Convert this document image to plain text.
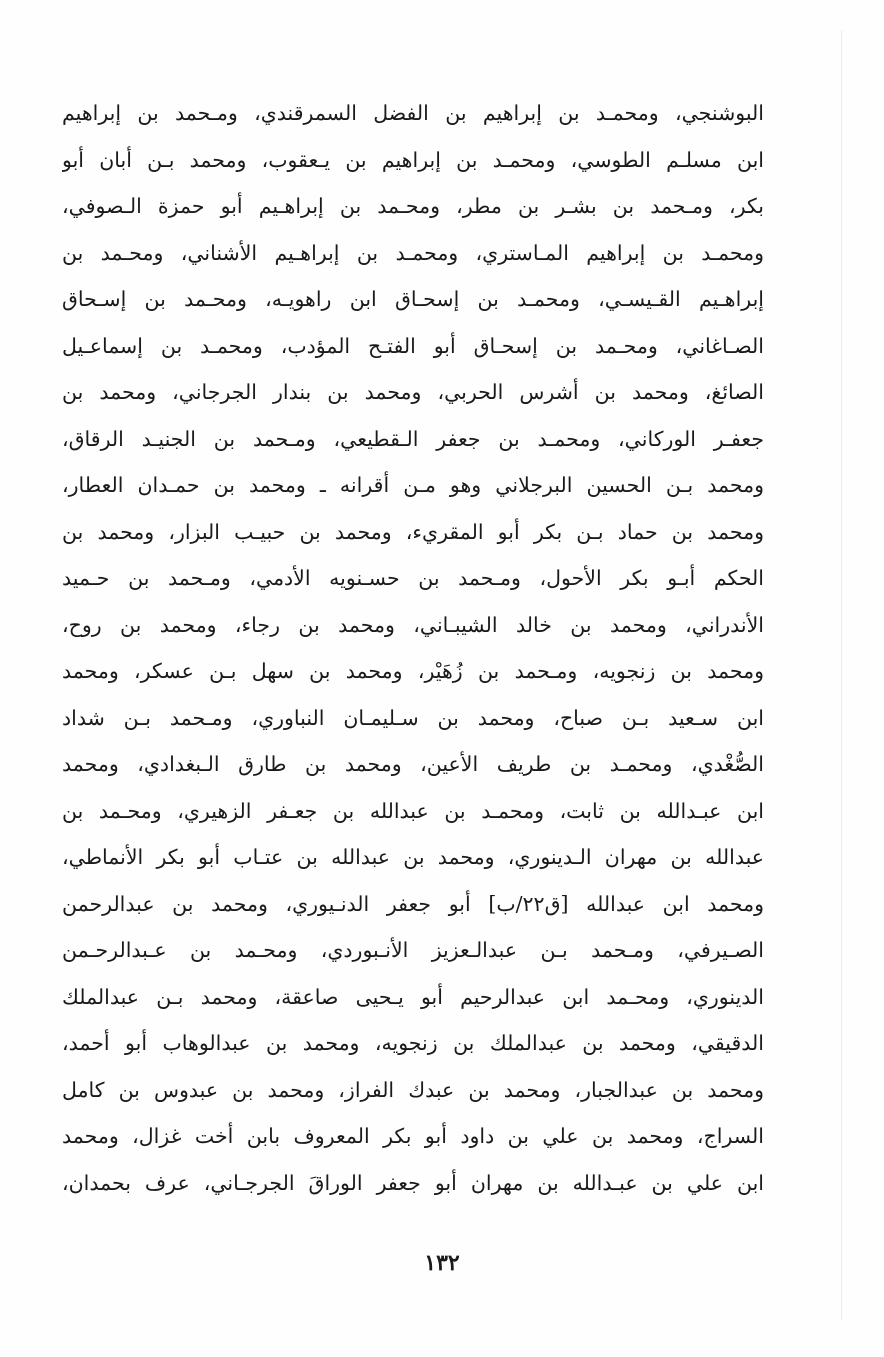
البوشنجي، ومحمـد بن إبراهيم بن الفضل السمرقندي، ومـحمد بن إبراهيم
ابن مسلـم الطوسي، ومحمـد بن إبراهيم بن يـعقوب، ومحمد بـن أبان أبو
بكر، ومـحمد بن بشـر بن مطر، ومحـمد بن إبراهـيم أبو حمزة الـصوفي،
ومحمـد بن إبراهيم المـاستري، ومحمـد بن إبراهـيم الأشناني، ومحـمد بن
إبراهـيم القـيسـي، ومحمـد بن إسحـاق ابن راهويـه، ومحـمد بن إسـحاق
الصـاغاني، ومحـمد بن إسحـاق أبو الفتـح المؤدب، ومحمـد بن إسماعـيل
الصائغ، ومحمد بن أشرس الحربي، ومحمد بن بندار الجرجاني، ومحمد بن
جعفـر الوركاني، ومحمـد بن جعفر الـقطيعي، ومـحمد بن الجنيـد الرقاق،
ومحمد بـن الحسين البرجلاني وهو مـن أقرانه ـ ومحمد بن حمـدان العطار،
ومحمد بن حماد بـن بكر أبو المقريء، ومحمد بن حبيـب البزار، ومحمد بن
الحكم أبـو بكر الأحول، ومـحمد بن حسـنويه الأدمي، ومـحمد بن حـميد
الأندراني، ومحمد بن خالد الشيبـاني، ومحمد بن رجاء، ومحمد بن روح،
ومحمد بن زنجويه، ومـحمد بن زُهَيْر، ومحمد بن سهل بـن عسكر، ومحمد
ابن سـعيد بـن صباح، ومحمد بن سـليمـان النباوري، ومـحمد بـن شداد
الصُّغْدي، ومحمـد بن طريف الأعين، ومحمد بن طارق الـبغدادي، ومحمد
ابن عبـدالله بن ثابت، ومحمـد بن عبدالله بن جعـفر الزهيري، ومحـمد بن
عبدالله بن مهران الـدينوري، ومحمد بن عبدالله بن عتـاب أبو بكر الأنماطي،
ومحمد ابن عبدالله [ق٢٢/ب] أبو جعفر الدنـيوري، ومحمد بن عبدالرحمن
الصـيرفي، ومـحمد بـن عبدالـعزيز الأنـبوردي، ومحـمد بن عـبدالرحـمن
الدينوري، ومحـمد ابن عبدالرحيم أبو يـحيى صاعقة، ومحمد بـن عبدالملك
الدقيقي، ومحمد بن عبدالملك بن زنجويه، ومحمد بن عبدالوهاب أبو أحمد،
ومحمد بن عبدالجبار، ومحمد بن عبدك الفراز، ومحمد بن عبدوس بن كامل
السراج، ومحمد بن علي بن داود أبو بكر المعروف بابن أخت غزال، ومحمد
ابن علي بن عبـدالله بن مهران أبو جعفر الوراقَ الجرجـاني، عرف بحمدان،
١٣٢
